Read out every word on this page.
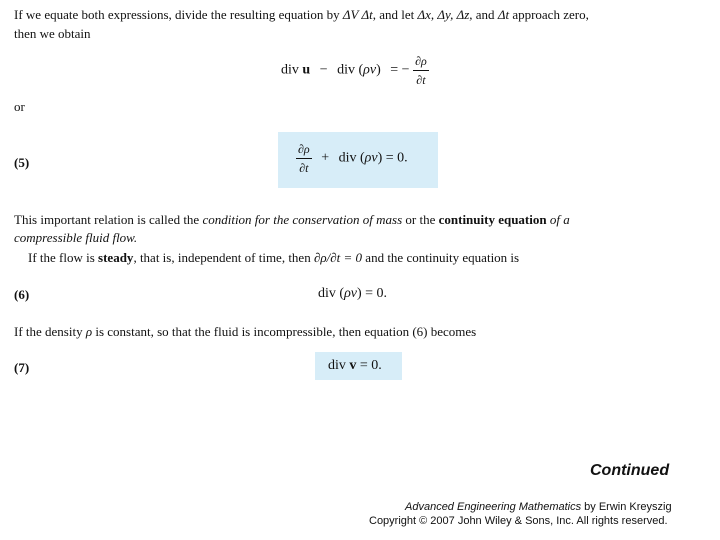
If we equate both expressions, divide the resulting equation by ΔV Δt, and let Δx, Δy, Δz, and Δt approach zero,
then we obtain
div u − div (ρv) = − $\frac{\partial\rho}{\partial t}$
or
(5)	$\frac{\partial\rho}{\partial t}$ + div (ρv) = 0.
This important relation is called the condition for the conservation of mass or the continuity equation of a
compressible fluid flow.
If the flow is steady, that is, independent of time, then ∂ρ/∂t = 0 and the continuity equation is
(6)	div (ρv) = 0.
If the density ρ is constant, so that the fluid is incompressible, then equation (6) becomes
(7)	div v = 0.
Continued
Advanced Engineering Mathematics by Erwin Kreyszig
Copyright © 2007 John Wiley & Sons, Inc. All rights reserved.
